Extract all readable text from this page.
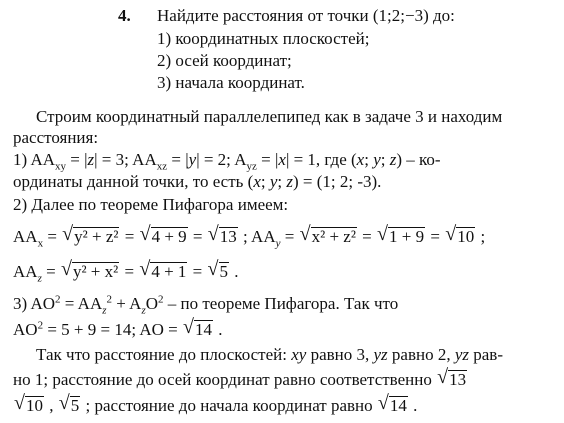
4. Найдите расстояния от точки (1;2;−3) до:
1) координатных плоскостей;
2) осей координат;
3) начала координат.
Строим координатный параллелепипед как в задаче 3 и находим
расстояния:
1) $AA_{xy} = |z| = 3$; $AA_{xz} = |y| = 2$; $A_{yz} = |x| = 1$, где (x; y; z) – ко-
ординаты данной точки, то есть (x; y; z) = (1; 2; -3).
2) Далее по теореме Пифагора имеем:
$AA_x$ = √ y² + z² = √ 4 + 9 = √ 13 ; $AA_y$ = √ x² + z² = √ 1 + 9 = √ 10 ;
$AA_z$ = √ y² + x² = √ 4 + 1 = √ 5 .
3) $AO^2 = AA_z^2 + A_zO^2$ – по теореме Пифагора. Так что
$AO^2 = 5 + 9 = 14$; AO = √ 14 .
Так что расстояние до плоскостей: xy равно 3, yz равно 2, yz рав-
но 1; расстояние до осей координат равно соответственно √ 13
√ 10 , √ 5 ; расстояние до начала координат равно √ 14 .
